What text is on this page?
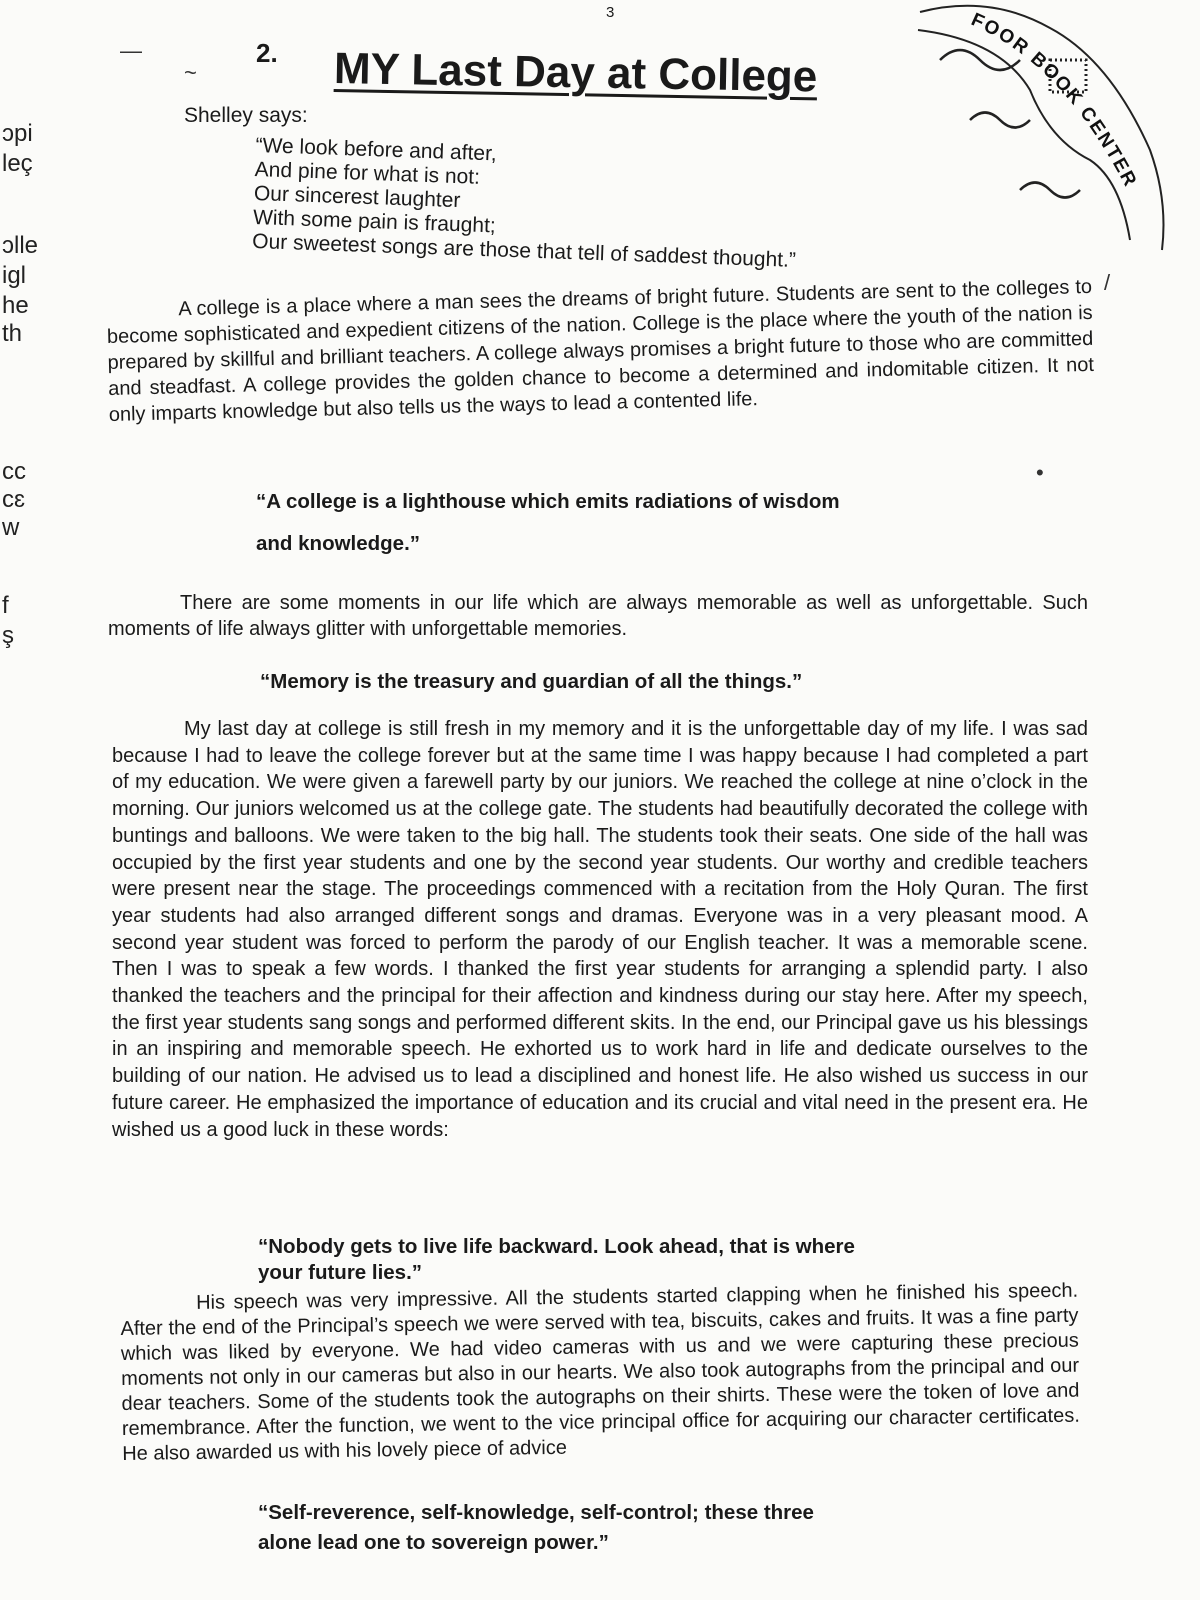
3
2. MY Last Day at College
FOOR BOOK CENTER
ɔpi
leç
ɔlle
igl
he
th
cc
cɛ
w
f
ş
—
~
•
/
Shelley says:
“We look before and after,
And pine for what is not:
Our sincerest laughter
With some pain is fraught;
Our sweetest songs are those that tell of saddest thought.”

A college is a place where a man sees the dreams of bright future. Students are sent to the colleges to become sophisticated and expedient citizens of the nation. College is the place where the youth of the nation is prepared by skillful and brilliant teachers. A college always promises a bright future to those who are committed and steadfast. A college provides the golden chance to become a determined and indomitable citizen. It not only imparts knowledge but also tells us the ways to lead a contented life.

“A college is a lighthouse which emits radiations of wisdom
and knowledge.”

There are some moments in our life which are always memorable as well as unforgettable. Such moments of life always glitter with unforgettable memories.

“Memory is the treasury and guardian of all the things.”

My last day at college is still fresh in my memory and it is the unforgettable day of my life. I was sad because I had to leave the college forever but at the same time I was happy because I had completed a part of my education. We were given a farewell party by our juniors. We reached the college at nine o’clock in the morning. Our juniors welcomed us at the college gate. The students had beautifully decorated the college with buntings and balloons. We were taken to the big hall. The students took their seats. One side of the hall was occupied by the first year students and one by the second year students. Our worthy and credible teachers were present near the stage. The proceedings commenced with a recitation from the Holy Quran. The first year students had also arranged different songs and dramas. Everyone was in a very pleasant mood. A second year student was forced to perform the parody of our English teacher. It was a memorable scene. Then I was to speak a few words. I thanked the first year students for arranging a splendid party. I also thanked the teachers and the principal for their affection and kindness during our stay here. After my speech, the first year students sang songs and performed different skits. In the end, our Principal gave us his blessings in an inspiring and memorable speech. He exhorted us to work hard in life and dedicate ourselves to the building of our nation. He advised us to lead a disciplined and honest life. He also wished us success in our future career. He emphasized the importance of education and its crucial and vital need in the present era. He wished us a good luck in these words:

“Nobody gets to live life backward. Look ahead, that is where your future lies.”

His speech was very impressive. All the students started clapping when he finished his speech. After the end of the Principal’s speech we were served with tea, biscuits, cakes and fruits. It was a fine party which was liked by everyone. We had video cameras with us and we were capturing these precious moments not only in our cameras but also in our hearts. We also took autographs from the principal and our dear teachers. Some of the students took the autographs on their shirts. These were the token of love and remembrance. After the function, we went to the vice principal office for acquiring our character certificates. He also awarded us with his lovely piece of advice

“Self-reverence, self-knowledge, self-control; these three alone lead one to sovereign power.”
